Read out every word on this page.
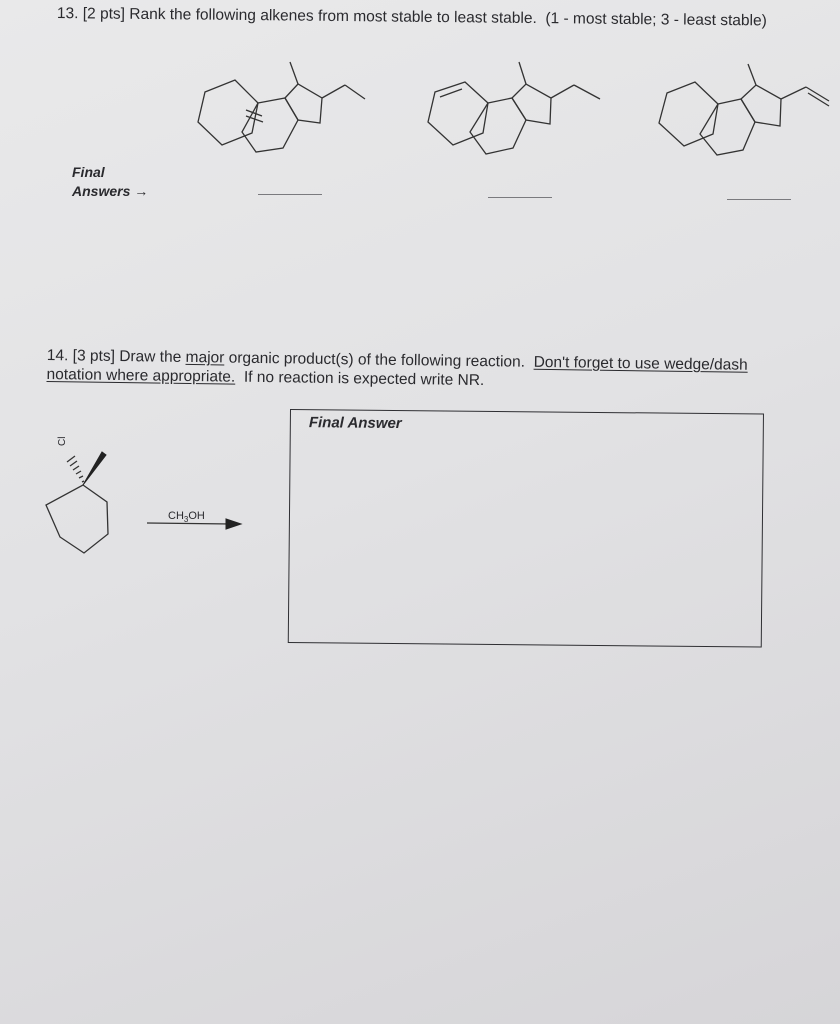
13. [2 pts] Rank the following alkenes from most stable to least stable. (1 - most stable; 3 - least stable)
Final
Answers →
14. [3 pts] Draw the major organic product(s) of the following reaction. Don't forget to use wedge/dash
notation where appropriate. If no reaction is expected write NR.
Cl
$CH_3OH$
Final Answer
